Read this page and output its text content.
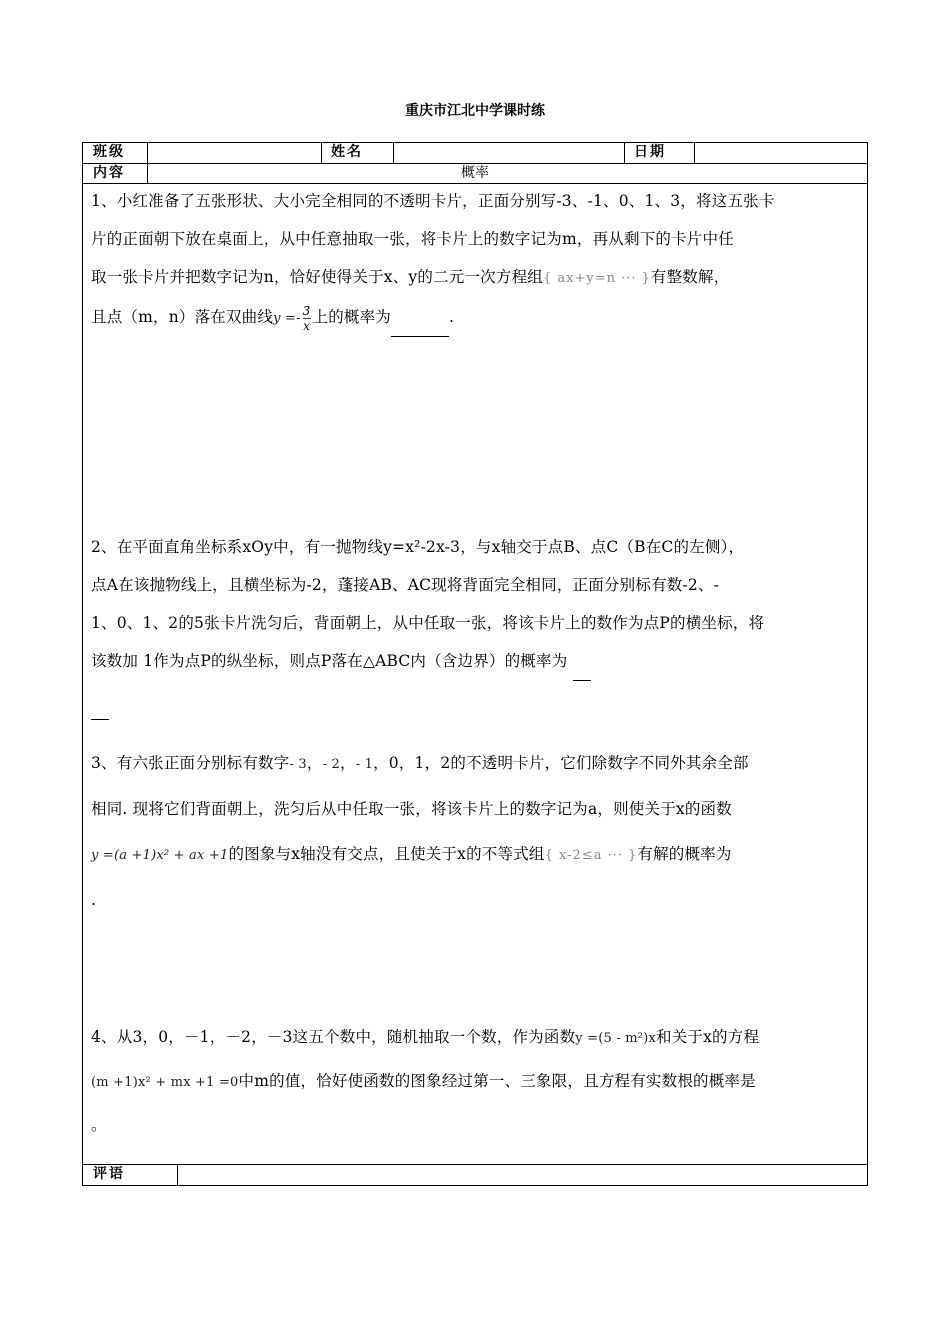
重庆市江北中学课时练
班级	姓名	日期
内容	概率
1、小红准备了五张形状、大小完全相同的不透明卡片，正面分别写-3、-1、0、1、3，将这五张卡
片的正面朝下放在桌面上，从中任意抽取一张，将卡片上的数字记为m，再从剩下的卡片中任
取一张卡片并把数字记为n，恰好使得关于x、y的二元一次方程组{ ax+y=n ··· }有整数解，
且点（m，n）落在双曲线$y =- \frac{3}{x}$ 上的概率为	.
2、在平面直角坐标系xOy中，有一抛物线y=x²-2x-3，与x轴交于点B、点C（B在C的左侧），
点A在该抛物线上，且横坐标为-2，蓬接AB、AC现将背面完全相同，正面分别标有数-2、-
1、0、1、2的5张卡片洗匀后，背面朝上，从中任取一张，将该卡片上的数作为点P的横坐标，将
该数加 1作为点P的纵坐标，则点P落在△ABC内（含边界）的概率为

3、有六张正面分别标有数字- 3，- 2，- 1，0，1，2的不透明卡片，它们除数字不同外其余全部
相同. 现将它们背面朝上，洗匀后从中任取一张，将该卡片上的数字记为a，则使关于x的函数
y =(a +1)x² + ax +1的图象与x轴没有交点，且使关于x的不等式组{ x-2≤a ··· }有解的概率为
.
4、从3，0，－1，－2，－3这五个数中，随机抽取一个数，作为函数y =(5 - m²)x和关于x的方程
(m +1)x² + mx +1 =0中m的值，恰好使函数的图象经过第一、三象限，且方程有实数根的概率是
。
评语
